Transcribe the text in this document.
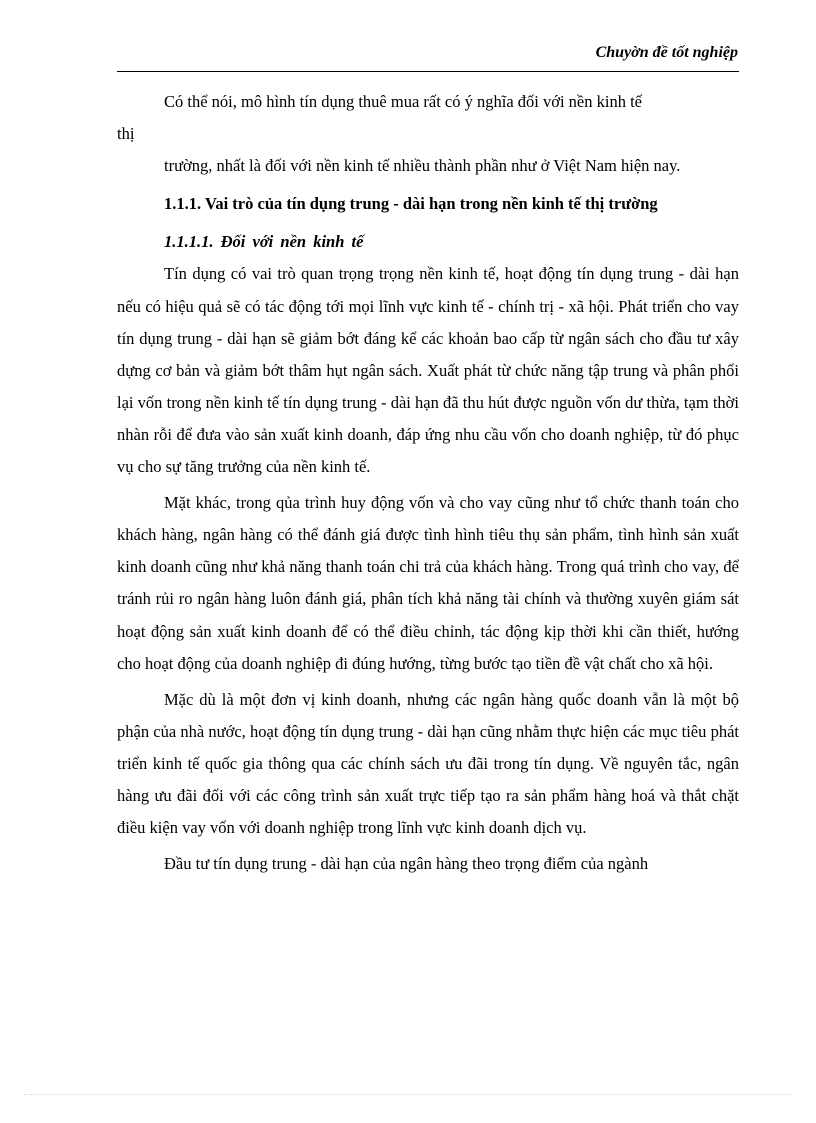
Chuyờn đề tốt nghiệp

Có thể nói, mô hình tín dụng thuê mua rất có ý nghĩa đối với nền kinh tế

thị

trường, nhất là đối với nền kinh tế nhiều thành phần như ở Việt Nam hiện nay.

1.1.1. Vai trò của tín dụng trung - dài hạn trong nền kinh tế thị trường

1.1.1.1. Đối với nền kinh tế

Tín dụng có vai trò quan trọng trọng nền kinh tế, hoạt động tín dụng trung - dài hạn nếu có hiệu quả sẽ có tác động tới mọi lĩnh vực kinh tế - chính trị - xã hội. Phát triển cho vay tín dụng trung - dài hạn sẽ giảm bớt đáng kể các khoản bao cấp từ ngân sách cho đầu tư xây dựng cơ bản và giảm bớt thâm hụt ngân sách. Xuất phát từ chức năng tập trung và phân phối lại vốn trong nền kinh tế tín dụng trung - dài hạn đã thu hút được nguồn vốn dư thừa, tạm thời nhàn rỗi để đưa vào sản xuất kinh doanh, đáp ứng nhu cầu vốn cho doanh nghiệp, từ đó phục vụ cho sự tăng trưởng của nền kinh tế.

Mặt khác, trong qủa trình huy động vốn và cho vay cũng như tổ chức thanh toán cho khách hàng, ngân hàng có thể đánh giá được tình hình tiêu thụ sản phẩm, tình hình sản xuất kinh doanh cũng như khả năng thanh toán chi trả của khách hàng. Trong quá trình cho vay, để tránh rủi ro ngân hàng luôn đánh giá, phân tích khả năng tài chính và thường xuyên giám sát hoạt động sản xuất kinh doanh để có thể điều chỉnh, tác động kịp thời khi cần thiết, hướng cho hoạt động của doanh nghiệp đi đúng hướng, từng bước tạo tiền đề vật chất cho xã hội.

Mặc dù là một đơn vị kinh doanh, nhưng các ngân hàng quốc doanh vẫn là một bộ phận của nhà nước, hoạt động tín dụng trung - dài hạn cũng nhằm thực hiện các mục tiêu phát triển kinh tế quốc gia thông qua các chính sách ưu đãi trong tín dụng. Về nguyên tắc, ngân hàng ưu đãi đối với các công trình sản xuất trực tiếp tạo ra sản phẩm hàng hoá và thắt chặt điều kiện vay vốn với doanh nghiệp trong lĩnh vực kinh doanh dịch vụ.

Đầu tư tín dụng trung - dài hạn của ngân hàng theo trọng điểm của ngành
